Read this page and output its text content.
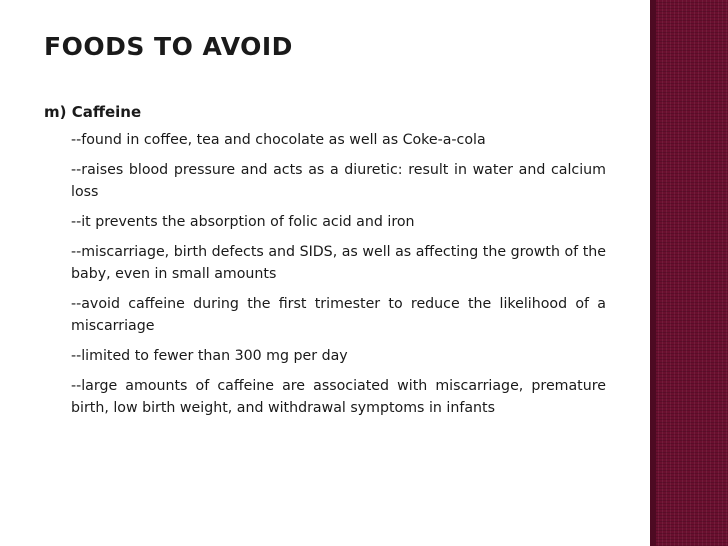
FOODS TO AVOID
m) Caffeine
--found in coffee, tea and chocolate as well as Coke-a-cola
--raises blood pressure and acts as a diuretic: result in water and calcium loss
--it prevents the absorption of folic acid and iron
--miscarriage, birth defects and SIDS, as well as affecting the growth of the baby, even in small amounts
--avoid caffeine during the first trimester to reduce the likelihood of a miscarriage
--limited to fewer than 300 mg per day
--large amounts of caffeine are associated with miscarriage, premature birth, low birth weight, and withdrawal symptoms in infants
